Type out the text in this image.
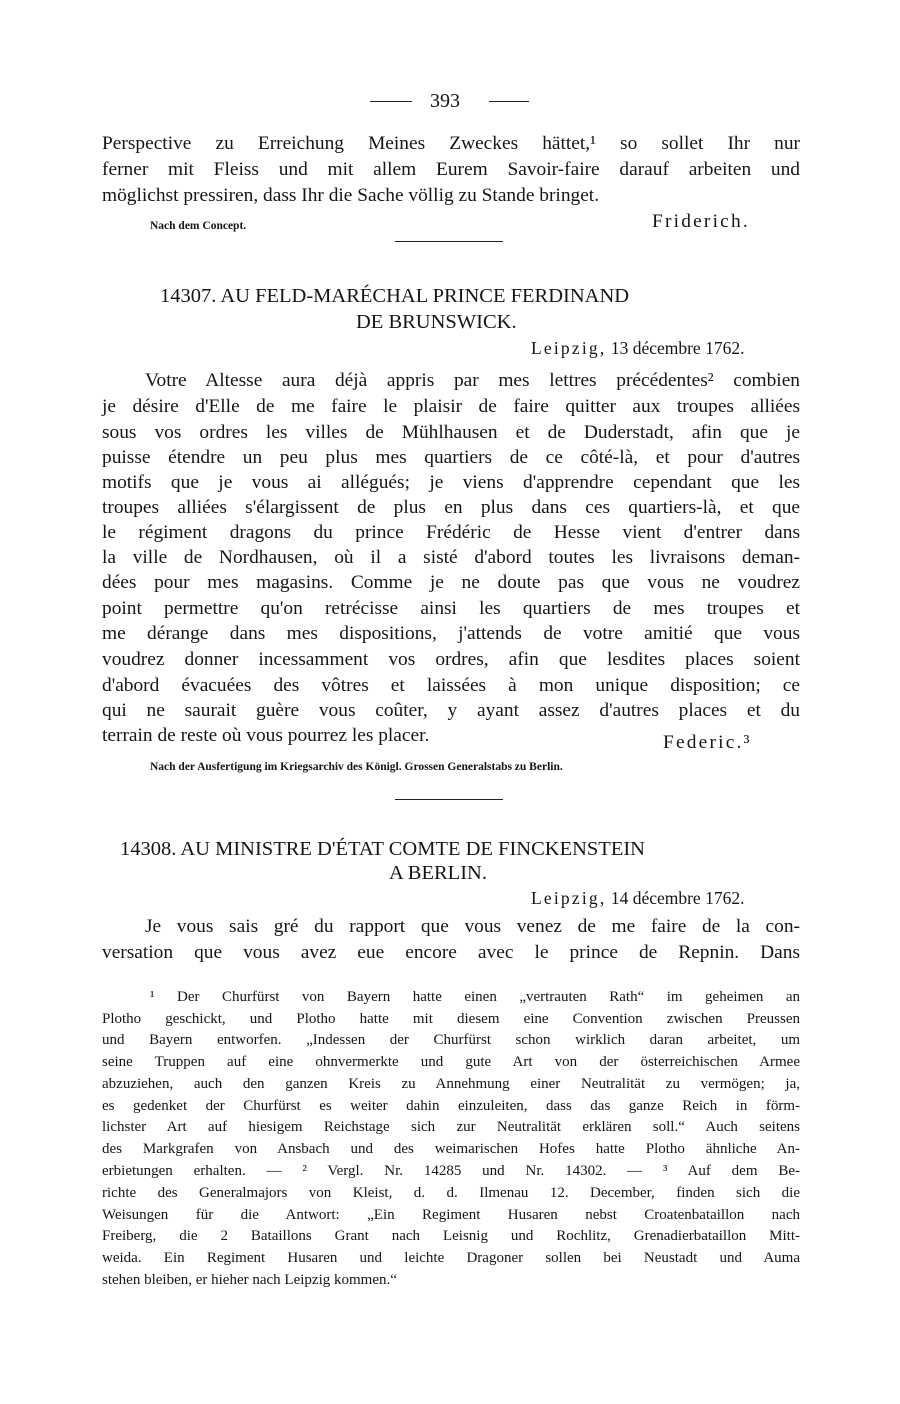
393
Perspective zu Erreichung Meines Zweckes hättet,¹ so sollet Ihr nur
ferner mit Fleiss und mit allem Eurem Savoir-faire darauf arbeiten und
möglichst pressiren, dass Ihr die Sache völlig zu Stande bringet.
Nach dem Concept.	Friderich.
14307. AU FELD-MARÉCHAL PRINCE FERDINAND
DE BRUNSWICK.
Leipzig, 13 décembre 1762.
Votre Altesse aura déjà appris par mes lettres précédentes² combien
je désire d'Elle de me faire le plaisir de faire quitter aux troupes alliées
sous vos ordres les villes de Mühlhausen et de Duderstadt, afin que je
puisse étendre un peu plus mes quartiers de ce côté-là, et pour d'autres
motifs que je vous ai allégués; je viens d'apprendre cependant que les
troupes alliées s'élargissent de plus en plus dans ces quartiers-là, et que
le régiment dragons du prince Frédéric de Hesse vient d'entrer dans
la ville de Nordhausen, où il a sisté d'abord toutes les livraisons deman-
dées pour mes magasins. Comme je ne doute pas que vous ne voudrez
point permettre qu'on retrécisse ainsi les quartiers de mes troupes et
me dérange dans mes dispositions, j'attends de votre amitié que vous
voudrez donner incessamment vos ordres, afin que lesdites places soient
d'abord évacuées des vôtres et laissées à mon unique disposition; ce
qui ne saurait guère vous coûter, y ayant assez d'autres places et du
terrain de reste où vous pourrez les placer.	Federic.³
Nach der Ausfertigung im Kriegsarchiv des Königl. Grossen Generalstabs zu Berlin.
14308. AU MINISTRE D'ÉTAT COMTE DE FINCKENSTEIN
A BERLIN.
Leipzig, 14 décembre 1762.
Je vous sais gré du rapport que vous venez de me faire de la con-
versation que vous avez eue encore avec le prince de Repnin. Dans
¹ Der Churfürst von Bayern hatte einen „vertrauten Rath“ im geheimen an
Plotho geschickt, und Plotho hatte mit diesem eine Convention zwischen Preussen
und Bayern entworfen. „Indessen der Churfürst schon wirklich daran arbeitet, um
seine Truppen auf eine ohnvermerkte und gute Art von der österreichischen Armee
abzuziehen, auch den ganzen Kreis zu Annehmung einer Neutralität zu vermögen; ja,
es gedenket der Churfürst es weiter dahin einzuleiten, dass das ganze Reich in förm-
lichster Art auf hiesigem Reichstage sich zur Neutralität erklären soll.“ Auch seitens
des Markgrafen von Ansbach und des weimarischen Hofes hatte Plotho ähnliche An-
erbietungen erhalten. — ² Vergl. Nr. 14285 und Nr. 14302. — ³ Auf dem Be-
richte des Generalmajors von Kleist, d. d. Ilmenau 12. December, finden sich die
Weisungen für die Antwort: „Ein Regiment Husaren nebst Croatenbataillon nach
Freiberg, die 2 Bataillons Grant nach Leisnig und Rochlitz, Grenadierbataillon Mitt-
weida. Ein Regiment Husaren und leichte Dragoner sollen bei Neustadt und Auma
stehen bleiben, er hieher nach Leipzig kommen.“
